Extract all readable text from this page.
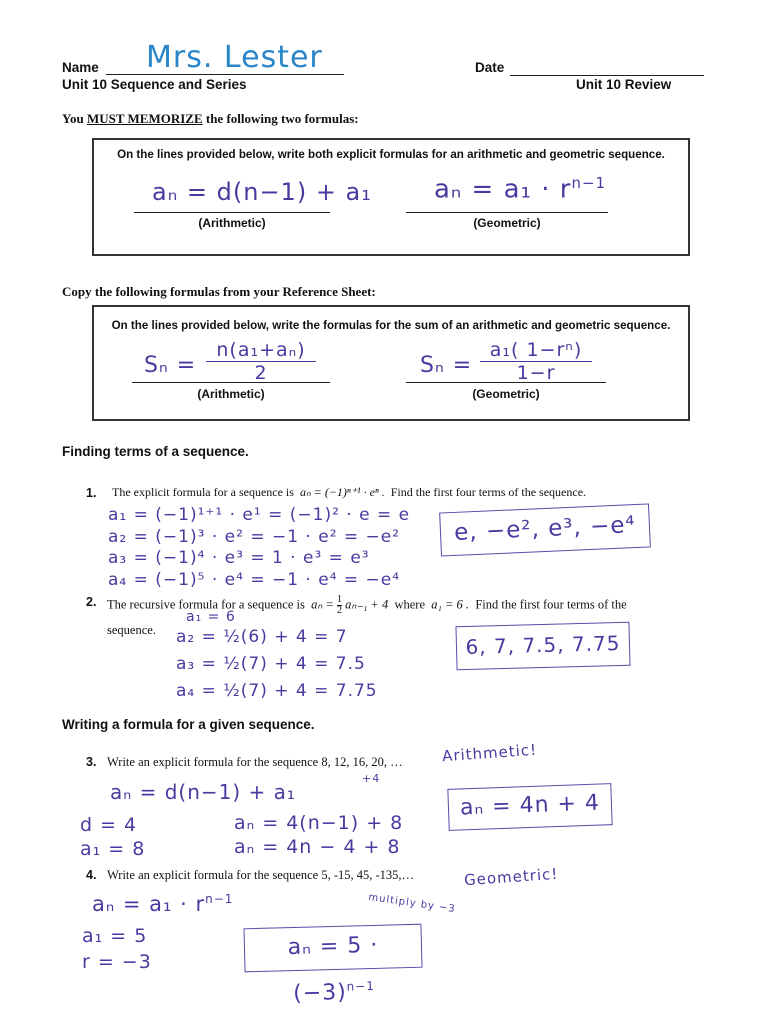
Name Mrs. Lester	Date
Unit 10 Sequence and Series	Unit 10 Review
You MUST MEMORIZE the following two formulas:
On the lines provided below, write both explicit formulas for an arithmetic and geometric sequence.
aₙ = d(n−1) + a₁
(Arithmetic)
$a_n = a_1 \cdot r^{n-1}$
(Geometric)
Copy the following formulas from your Reference Sheet:
On the lines provided below, write the formulas for the sum of an arithmetic and geometric sequence.
$S_n = \frac{\text{n(a₁+aₙ)}}{2}$
(Arithmetic)
$S_n = \frac{\text{a₁( 1−rⁿ)}}{1-r}$
(Geometric)
Finding terms of a sequence.
1. The explicit formula for a sequence is aₙ = (−1)ⁿ⁺¹ · eⁿ . Find the first four terms of the sequence.
a₁ = (−1)¹⁺¹ · e¹ = (−1)² · e = e
a₂ = (−1)³ · e² = −1 · e² = −e²
a₃ = (−1)⁴ · e³ = 1 · e³ = e³
a₄ = (−1)⁵ · e⁴ = −1 · e⁴ = −e⁴
e, −e², e³, −e⁴
2. The recursive formula for a sequence is $a_n = \frac{1}{2} a_{n-1} + 4$ where a₁ = 6 . Find the first four terms of the
sequence.
a₁ = 6
a₂ = ½(6) + 4 = 7
a₃ = ½(7) + 4 = 7.5
a₄ = ½(7) + 4 = 7.75
6, 7, 7.5, 7.75
Writing a formula for a given sequence.
3. Write an explicit formula for the sequence 8, 12, 16, 20, …	Arithmetic!
+4
aₙ = d(n−1) + a₁
d = 4
a₁ = 8
aₙ = 4(n−1) + 8
aₙ = 4n − 4 + 8
aₙ = 4n + 4
4. Write an explicit formula for the sequence 5, -15, 45, -135,…	Geometric!
multiply by −3
$a_n = a_1 \cdot r^{n-1}$
a₁ = 5
r = −3
$a_n = 5 \cdot (-3)^{n-1}$
